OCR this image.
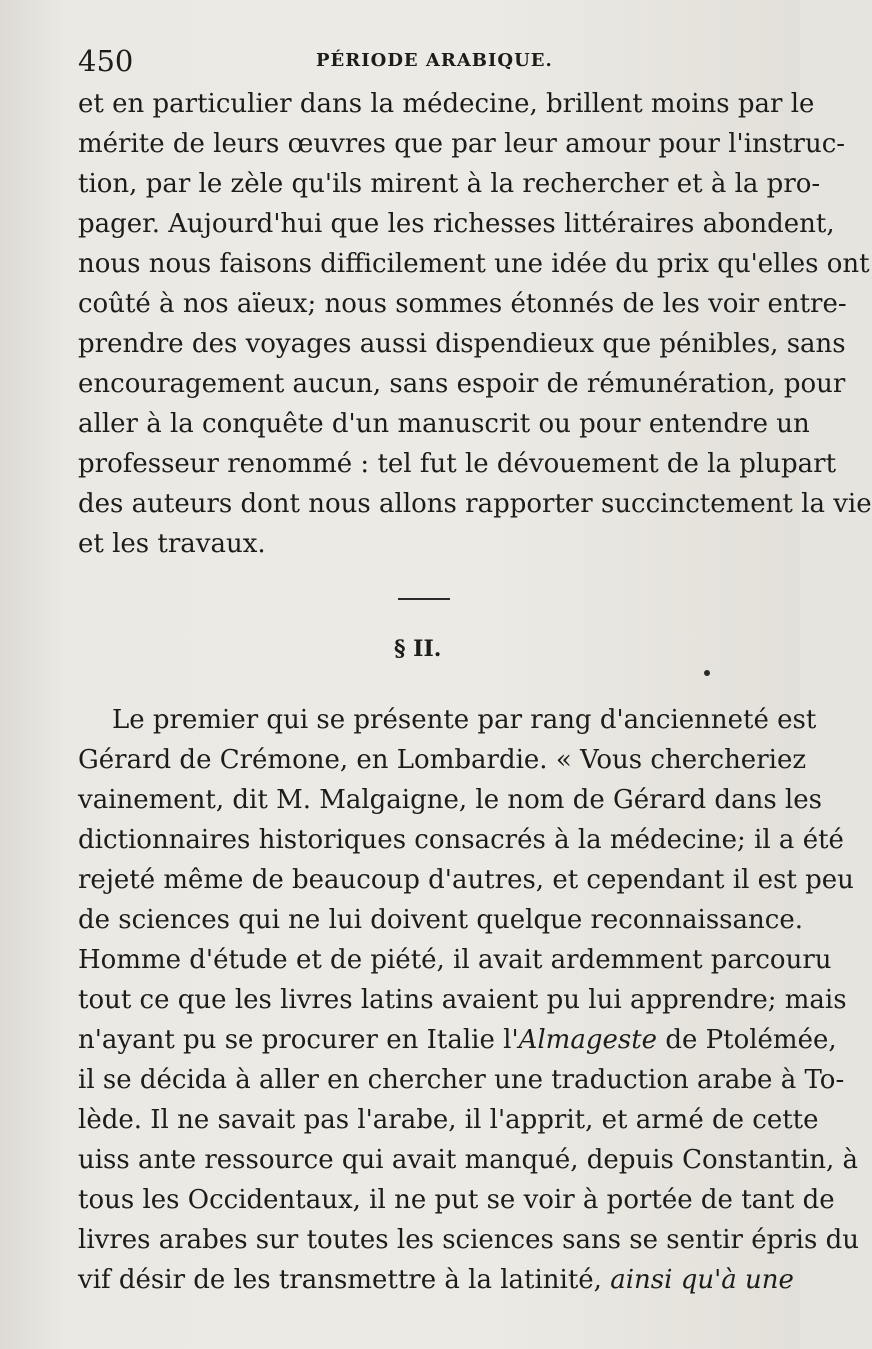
450	PÉRIODE ARABIQUE.
et en particulier dans la médecine, brillent moins par le
mérite de leurs œuvres que par leur amour pour l'instruc-
tion, par le zèle qu'ils mirent à la rechercher et à la pro-
pager. Aujourd'hui que les richesses littéraires abondent,
nous nous faisons difficilement une idée du prix qu'elles ont
coûté à nos aïeux; nous sommes étonnés de les voir entre-
prendre des voyages aussi dispendieux que pénibles, sans
encouragement aucun, sans espoir de rémunération, pour
aller à la conquête d'un manuscrit ou pour entendre un
professeur renommé : tel fut le dévouement de la plupart
des auteurs dont nous allons rapporter succinctement la vie
et les travaux.
§ II.
Le premier qui se présente par rang d'ancienneté est
Gérard de Crémone, en Lombardie. « Vous chercheriez
vainement, dit M. Malgaigne, le nom de Gérard dans les
dictionnaires historiques consacrés à la médecine; il a été
rejeté même de beaucoup d'autres, et cependant il est peu
de sciences qui ne lui doivent quelque reconnaissance.
Homme d'étude et de piété, il avait ardemment parcouru
tout ce que les livres latins avaient pu lui apprendre; mais
n'ayant pu se procurer en Italie l'Almageste de Ptolémée,
il se décida à aller en chercher une traduction arabe à To-
lède. Il ne savait pas l'arabe, il l'apprit, et armé de cette
uiss ante ressource qui avait manqué, depuis Constantin, à
tous les Occidentaux, il ne put se voir à portée de tant de
livres arabes sur toutes les sciences sans se sentir épris du
vif désir de les transmettre à la latinité, ainsi qu'à une
